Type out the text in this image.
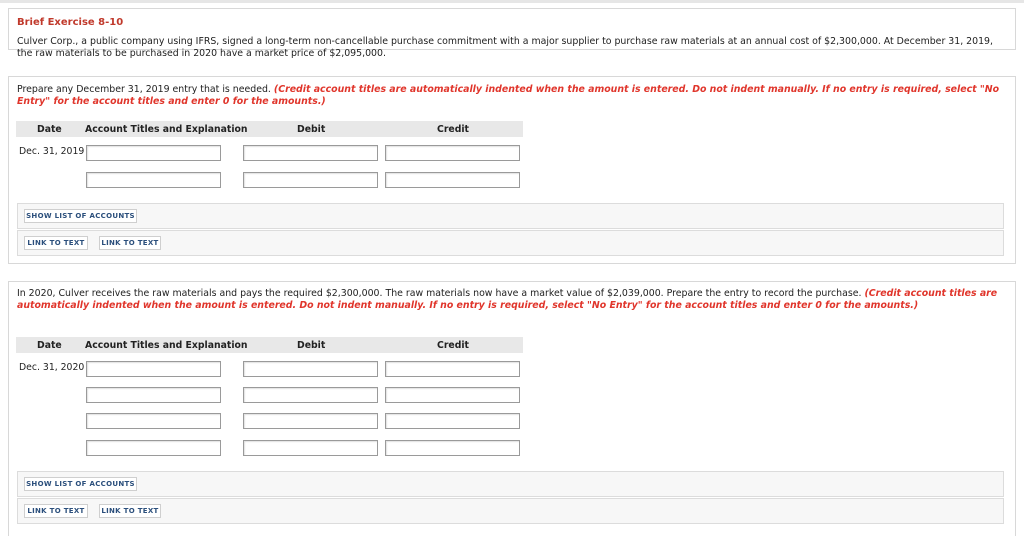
Brief Exercise 8-10
Culver Corp., a public company using IFRS, signed a long-term non-cancellable purchase commitment with a major supplier to purchase raw materials at an annual cost of $2,300,000. At December 31, 2019, the raw materials to be purchased in 2020 have a market price of $2,095,000.
Prepare any December 31, 2019 entry that is needed. (Credit account titles are automatically indented when the amount is entered. Do not indent manually. If no entry is required, select "No Entry" for the account titles and enter 0 for the amounts.)
Date	Account Titles and Explanation	Debit	Credit
Dec. 31, 2019
SHOW LIST OF ACCOUNTS
LINK TO TEXT	LINK TO TEXT
In 2020, Culver receives the raw materials and pays the required $2,300,000. The raw materials now have a market value of $2,039,000. Prepare the entry to record the purchase. (Credit account titles are automatically indented when the amount is entered. Do not indent manually. If no entry is required, select "No Entry" for the account titles and enter 0 for the amounts.)
Date	Account Titles and Explanation	Debit	Credit
Dec. 31, 2020
SHOW LIST OF ACCOUNTS
LINK TO TEXT	LINK TO TEXT
